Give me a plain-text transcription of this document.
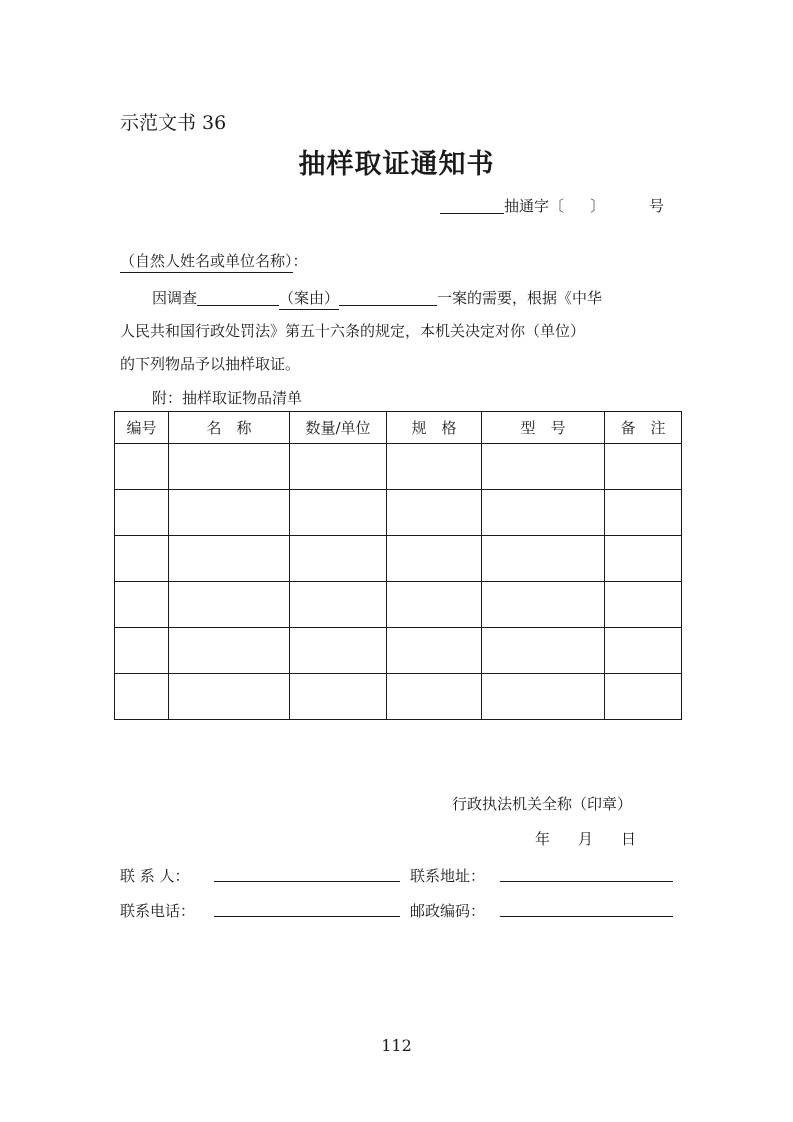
示范文书 36
抽样取证通知书
抽通字〔 〕	号
（自然人姓名或单位名称）：
因调查	（案由）	一案的需要，根据《中华
人民共和国行政处罚法》第五十六条的规定，本机关决定对你（单位）
的下列物品予以抽样取证。
附：抽样取证物品清单
编号	名　称	数量/单位	规　格	型　号	备　注

行政执法机关全称（印章）
年 月 日
联 系 人：	联系地址：
联系电话：	邮政编码：
112
